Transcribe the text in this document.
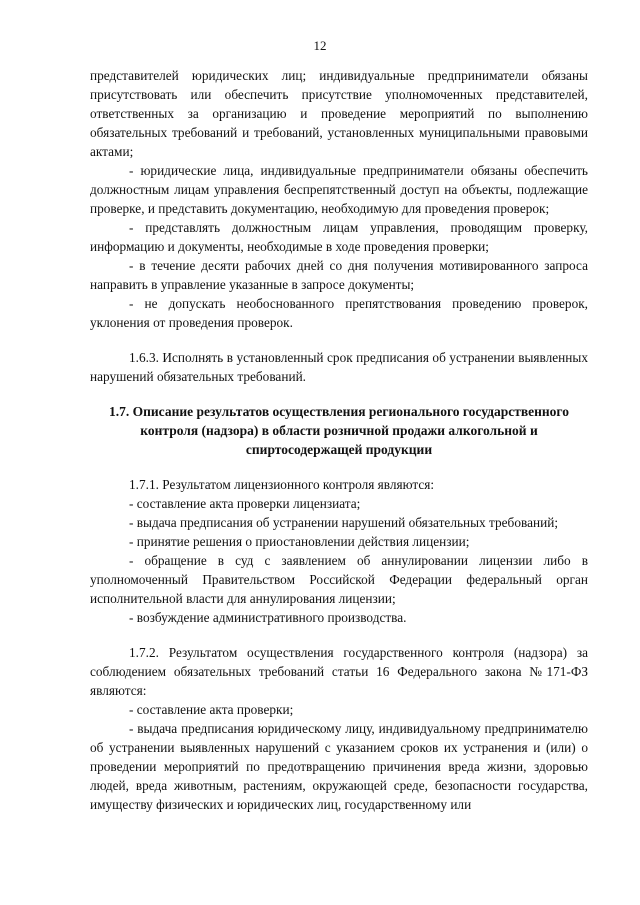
12

представителей юридических лиц; индивидуальные предприниматели обязаны присутствовать или обеспечить присутствие уполномоченных представителей, ответственных за организацию и проведение мероприятий по выполнению обязательных требований и требований, установленных муниципальными правовыми актами;

- юридические лица, индивидуальные предприниматели обязаны обеспечить должностным лицам управления беспрепятственный доступ на объекты, подлежащие проверке, и представить документацию, необходимую для проведения проверок;

- представлять должностным лицам управления, проводящим проверку, информацию и документы, необходимые в ходе проведения проверки;

- в течение десяти рабочих дней со дня получения мотивированного запроса направить в управление указанные в запросе документы;

- не допускать необоснованного препятствования проведению проверок, уклонения от проведения проверок.

1.6.3. Исполнять в установленный срок предписания об устранении выявленных нарушений обязательных требований.

1.7. Описание результатов осуществления регионального государственного контроля (надзора) в области розничной продажи алкогольной и спиртосодержащей продукции

1.7.1. Результатом лицензионного контроля являются:

- составление акта проверки лицензиата;

- выдача предписания об устранении нарушений обязательных требований;

- принятие решения о приостановлении действия лицензии;

- обращение в суд с заявлением об аннулировании лицензии либо в уполномоченный Правительством Российской Федерации федеральный орган исполнительной власти для аннулирования лицензии;

- возбуждение административного производства.

1.7.2. Результатом осуществления государственного контроля (надзора) за соблюдением обязательных требований статьи 16 Федерального закона №171-ФЗ являются:

- составление акта проверки;

- выдача предписания юридическому лицу, индивидуальному предпринимателю об устранении выявленных нарушений с указанием сроков их устранения и (или) о проведении мероприятий по предотвращению причинения вреда жизни, здоровью людей, вреда животным, растениям, окружающей среде, безопасности государства, имуществу физических и юридических лиц, государственному или
